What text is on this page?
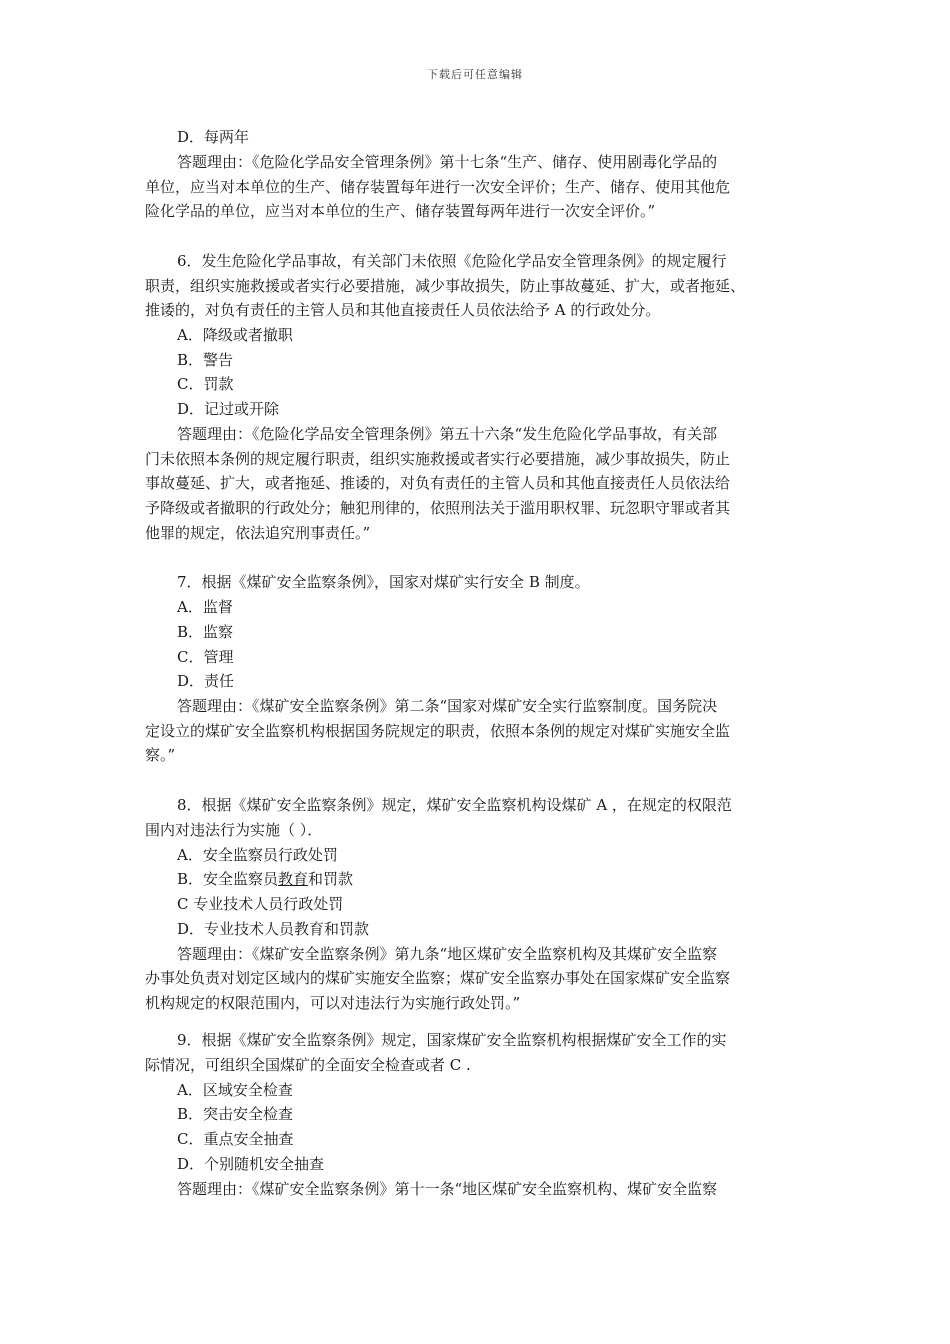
下载后可任意编辑
D．每两年
答题理由：《危险化学品安全管理条例》第十七条“生产、储存、使用剧毒化学品的
单位，应当对本单位的生产、储存装置每年进行一次安全评价；生产、储存、使用其他危
险化学品的单位，应当对本单位的生产、储存装置每两年进行一次安全评价。”
6．发生危险化学品事故，有关部门未依照《危险化学品安全管理条例》的规定履行
职责，组织实施救援或者实行必要措施，减少事故损失，防止事故蔓延、扩大，或者拖延、
推诿的，对负有责任的主管人员和其他直接责任人员依法给予 A 的行政处分。
A．降级或者撤职
B．警告
C．罚款
D．记过或开除
答题理由：《危险化学品安全管理条例》第五十六条“发生危险化学品事故，有关部
门未依照本条例的规定履行职责，组织实施救援或者实行必要措施，减少事故损失，防止
事故蔓延、扩大，或者拖延、推诿的，对负有责任的主管人员和其他直接责任人员依法给
予降级或者撤职的行政处分；触犯刑律的，依照刑法关于滥用职权罪、玩忽职守罪或者其
他罪的规定，依法追究刑事责任。”
7．根据《煤矿安全监察条例》，国家对煤矿实行安全 B 制度。
A．监督
B．监察
C．管理
D．责任
答题理由：《煤矿安全监察条例》第二条“国家对煤矿安全实行监察制度。国务院决
定设立的煤矿安全监察机构根据国务院规定的职责，依照本条例的规定对煤矿实施安全监
察。”
8．根据《煤矿安全监察条例》规定，煤矿安全监察机构设煤矿 A ，在规定的权限范
围内对违法行为实施（ ）．
A．安全监察员行政处罚
B．安全监察员教育和罚款
C 专业技术人员行政处罚
D．专业技术人员教育和罚款
答题理由：《煤矿安全监察条例》第九条“地区煤矿安全监察机构及其煤矿安全监察
办事处负责对划定区域内的煤矿实施安全监察；煤矿安全监察办事处在国家煤矿安全监察
机构规定的权限范围内，可以对违法行为实施行政处罚。”
9．根据《煤矿安全监察条例》规定，国家煤矿安全监察机构根据煤矿安全工作的实
际情况，可组织全国煤矿的全面安全检查或者 C .
A．区域安全检查
B．突击安全检查
C．重点安全抽查
D．个别随机安全抽查
答题理由：《煤矿安全监察条例》第十一条“地区煤矿安全监察机构、煤矿安全监察
